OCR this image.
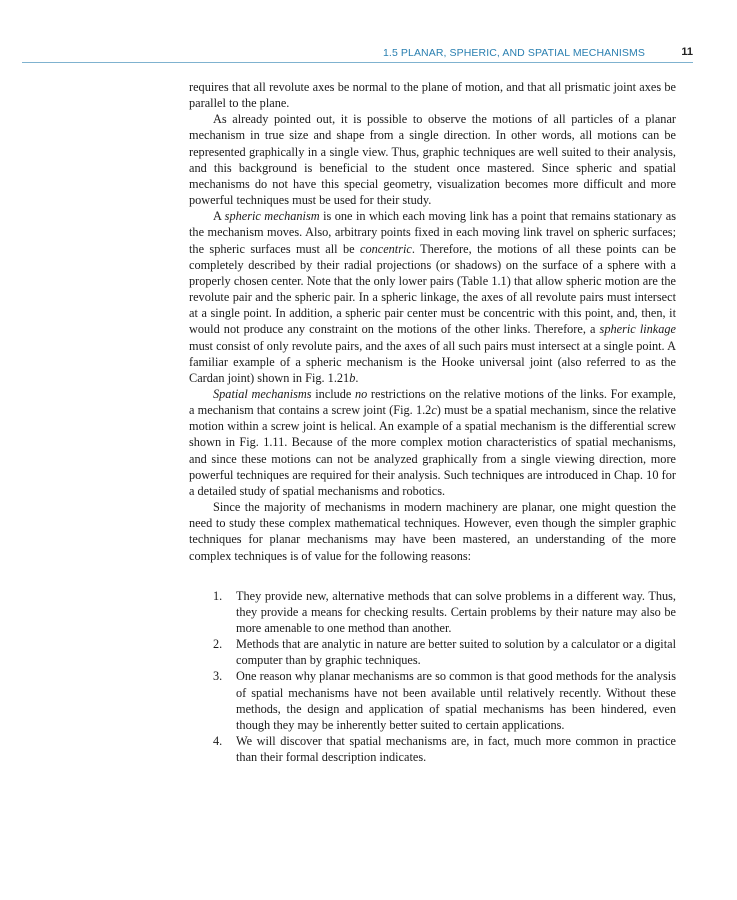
1.5 PLANAR, SPHERIC, AND SPATIAL MECHANISMS	11

requires that all revolute axes be normal to the plane of motion, and that all prismatic joint axes be parallel to the plane.

As already pointed out, it is possible to observe the motions of all particles of a planar mechanism in true size and shape from a single direction. In other words, all motions can be represented graphically in a single view. Thus, graphic techniques are well suited to their analysis, and this background is beneficial to the student once mastered. Since spheric and spatial mechanisms do not have this special geometry, visualization becomes more difficult and more powerful techniques must be used for their study.

A spheric mechanism is one in which each moving link has a point that remains stationary as the mechanism moves. Also, arbitrary points fixed in each moving link travel on spheric surfaces; the spheric surfaces must all be concentric. Therefore, the motions of all these points can be completely described by their radial projections (or shadows) on the surface of a sphere with a properly chosen center. Note that the only lower pairs (Table 1.1) that allow spheric motion are the revolute pair and the spheric pair. In a spheric linkage, the axes of all revolute pairs must intersect at a single point. In addition, a spheric pair center must be concentric with this point, and, then, it would not produce any constraint on the motions of the other links. Therefore, a spheric linkage must consist of only revolute pairs, and the axes of all such pairs must intersect at a single point. A familiar example of a spheric mechanism is the Hooke universal joint (also referred to as the Cardan joint) shown in Fig. 1.21b.

Spatial mechanisms include no restrictions on the relative motions of the links. For example, a mechanism that contains a screw joint (Fig. 1.2c) must be a spatial mechanism, since the relative motion within a screw joint is helical. An example of a spatial mechanism is the differential screw shown in Fig. 1.11. Because of the more complex motion characteristics of spatial mechanisms, and since these motions can not be analyzed graphically from a single viewing direction, more powerful techniques are required for their analysis. Such techniques are introduced in Chap. 10 for a detailed study of spatial mechanisms and robotics.

Since the majority of mechanisms in modern machinery are planar, one might question the need to study these complex mathematical techniques. However, even though the simpler graphic techniques for planar mechanisms may have been mastered, an understanding of the more complex techniques is of value for the following reasons:

1. They provide new, alternative methods that can solve problems in a different way. Thus, they provide a means for checking results. Certain problems by their nature may also be more amenable to one method than another.
2. Methods that are analytic in nature are better suited to solution by a calculator or a digital computer than by graphic techniques.
3. One reason why planar mechanisms are so common is that good methods for the analysis of spatial mechanisms have not been available until relatively recently. Without these methods, the design and application of spatial mechanisms has been hindered, even though they may be inherently better suited to certain applications.
4. We will discover that spatial mechanisms are, in fact, much more common in practice than their formal description indicates.
